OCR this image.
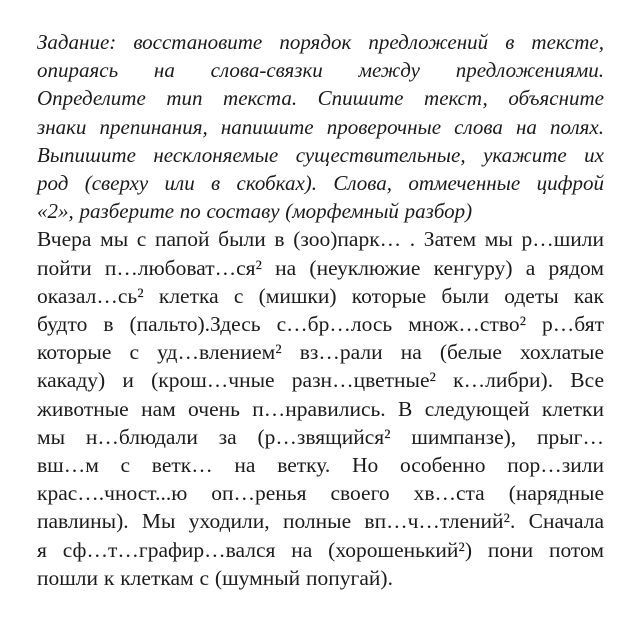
Задание: восстановите порядок предложений в тексте,
опираясь на слова-связки между предложениями.
Определите тип текста. Спишите текст, объясните
знаки препинания, напишите проверочные слова на полях.
Выпишите несклоняемые существительные, укажите их
род (сверху или в скобках). Слова, отмеченные цифрой
«2», разберите по составу (морфемный разбор)
Вчера мы с папой были в (зоо)парк… . Затем мы р…шили
пойти п…любоват…ся² на (неуклюжие кенгуру) а рядом
оказал…сь² клетка с (мишки) которые были одеты как
будто в (пальто).Здесь с…бр…лось множ…ство² р…бят
которые с уд…влением² вз…рали на (белые хохлатые
какаду) и (крош…чные разн…цветные² к…либри). Все
животные нам очень п…нравились. В следующей клетки
мы н…блюдали за (р…звящийся² шимпанзе), прыг…
вш…м с ветк… на ветку. Но особенно пор…зили
крас….чност...ю оп…ренья своего хв…ста (нарядные
павлины). Мы уходили, полные вп…ч…тлений². Сначала
я сф…т…графир…вался на (хорошенький²) пони потом
пошли к клеткам с (шумный попугай).
